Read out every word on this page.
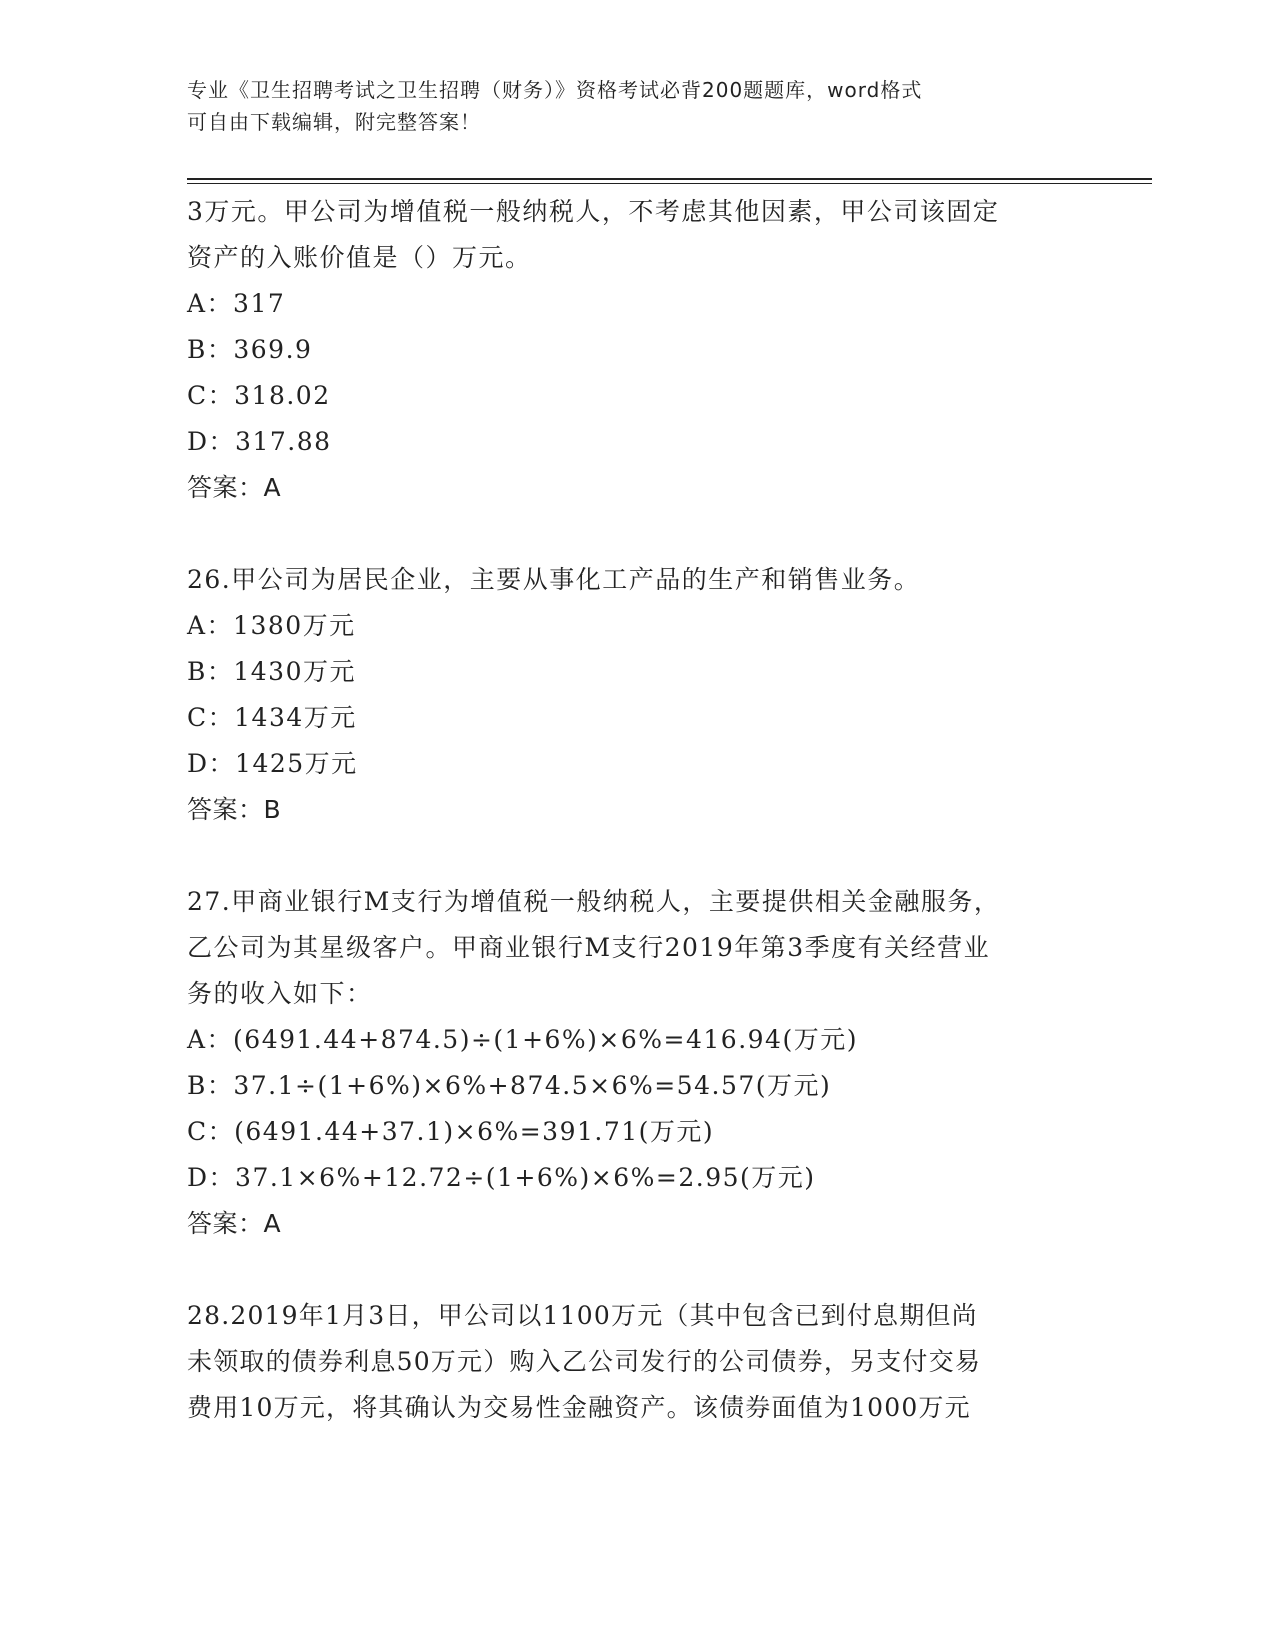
专业《卫生招聘考试之卫生招聘（财务）》资格考试必背200题题库，word格式
可自由下载编辑，附完整答案！
3万元。甲公司为增值税一般纳税人，不考虑其他因素，甲公司该固定
资产的入账价值是（）万元。
A：317
B：369.9
C：318.02
D：317.88
答案：A
26.甲公司为居民企业，主要从事化工产品的生产和销售业务。
A：1380万元
B：1430万元
C：1434万元
D：1425万元
答案：B
27.甲商业银行M支行为增值税一般纳税人，主要提供相关金融服务，
乙公司为其星级客户。甲商业银行M支行2019年第3季度有关经营业
务的收入如下：
A：(6491.44+874.5)÷(1+6%)×6%=416.94(万元)
B：37.1÷(1+6%)×6%+874.5×6%=54.57(万元)
C：(6491.44+37.1)×6%=391.71(万元)
D：37.1×6%+12.72÷(1+6%)×6%=2.95(万元)
答案：A
28.2019年1月3日，甲公司以1100万元（其中包含已到付息期但尚
未领取的债券利息50万元）购入乙公司发行的公司债券，另支付交易
费用10万元，将其确认为交易性金融资产。该债券面值为1000万元
